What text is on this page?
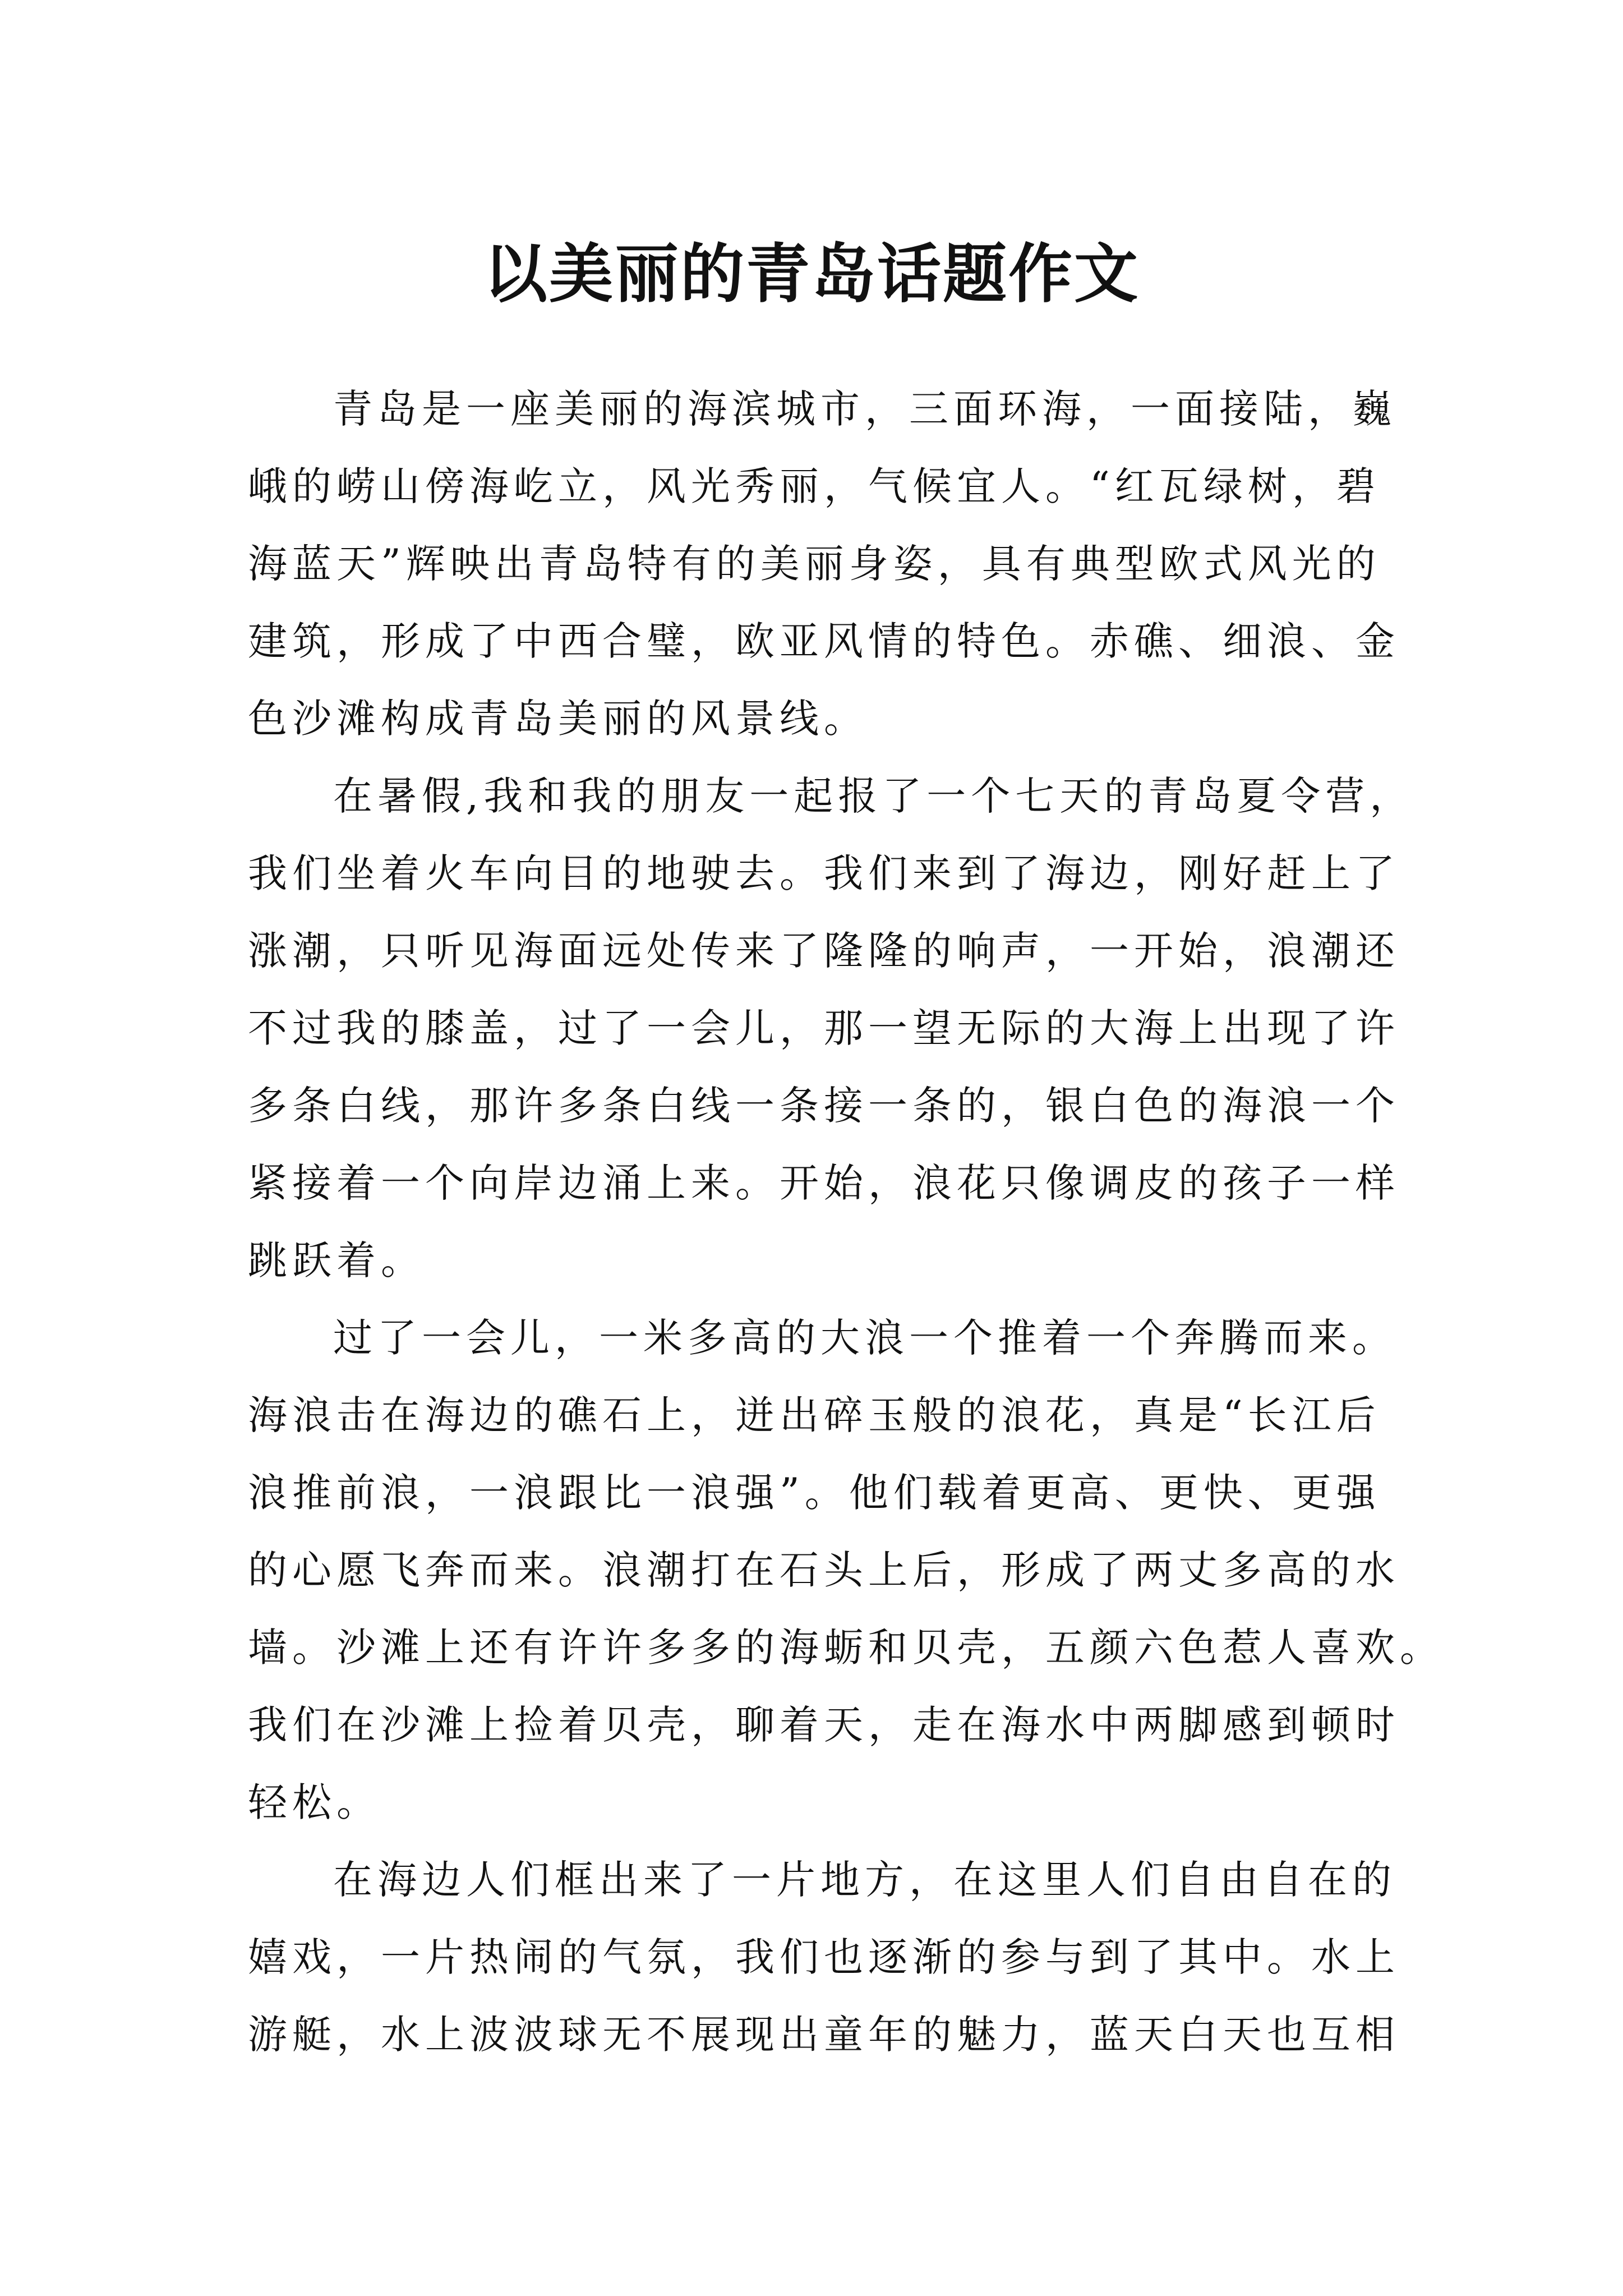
以美丽的青岛话题作文
青岛是一座美丽的海滨城市，三面环海，一面接陆，巍
峨的崂山傍海屹立，风光秀丽，气候宜人。“红瓦绿树，碧
海蓝天”辉映出青岛特有的美丽身姿，具有典型欧式风光的
建筑，形成了中西合璧，欧亚风情的特色。赤礁、细浪、金
色沙滩构成青岛美丽的风景线。
在暑假,我和我的朋友一起报了一个七天的青岛夏令营，
我们坐着火车向目的地驶去。我们来到了海边，刚好赶上了
涨潮，只听见海面远处传来了隆隆的响声，一开始，浪潮还
不过我的膝盖，过了一会儿，那一望无际的大海上出现了许
多条白线，那许多条白线一条接一条的，银白色的海浪一个
紧接着一个向岸边涌上来。开始，浪花只像调皮的孩子一样
跳跃着。
过了一会儿，一米多高的大浪一个推着一个奔腾而来。
海浪击在海边的礁石上，迸出碎玉般的浪花，真是“长江后
浪推前浪，一浪跟比一浪强”。他们载着更高、更快、更强
的心愿飞奔而来。浪潮打在石头上后，形成了两丈多高的水
墙。沙滩上还有许许多多的海蛎和贝壳，五颜六色惹人喜欢。
我们在沙滩上捡着贝壳，聊着天，走在海水中两脚感到顿时
轻松。
在海边人们框出来了一片地方，在这里人们自由自在的
嬉戏，一片热闹的气氛，我们也逐渐的参与到了其中。水上
游艇，水上波波球无不展现出童年的魅力，蓝天白天也互相
